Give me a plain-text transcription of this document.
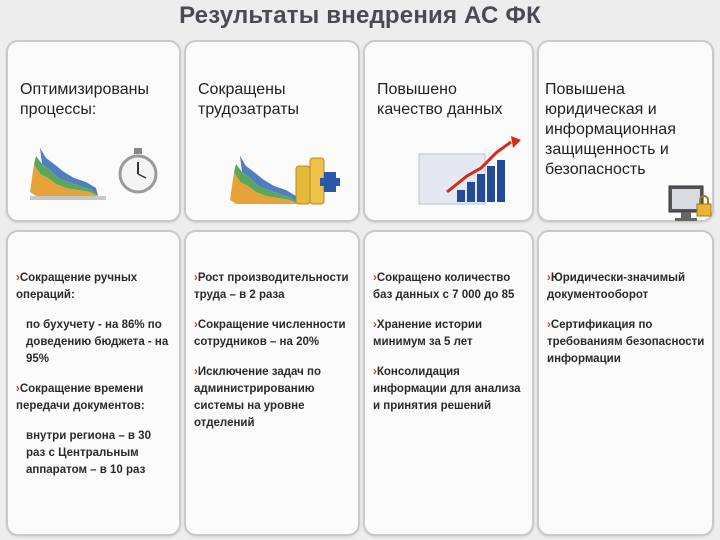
Результаты внедрения АС ФК
Оптимизированы процессы:
Сокращены трудозатраты
Повышено качество данных
Повышена юридическая и информационная защищенность и безопасность

›Сокращение ручных операций:

по бухучету - на 86% по доведению бюджета - на 95%

›Сокращение времени передачи документов:

внутри региона – в 30 раз с Центральным аппаратом – в 10 раз

›Рост производительности труда – в 2 раза

›Сокращение численности сотрудников – на 20%

›Исключение задач по администрированию системы на уровне отделений

›Сокращено количество баз данных с 7 000 до 85

›Хранение истории минимум за 5 лет

›Консолидация информации для анализа и принятия решений

›Юридически-значимый документооборот

›Сертификация по требованиям безопасности информации
